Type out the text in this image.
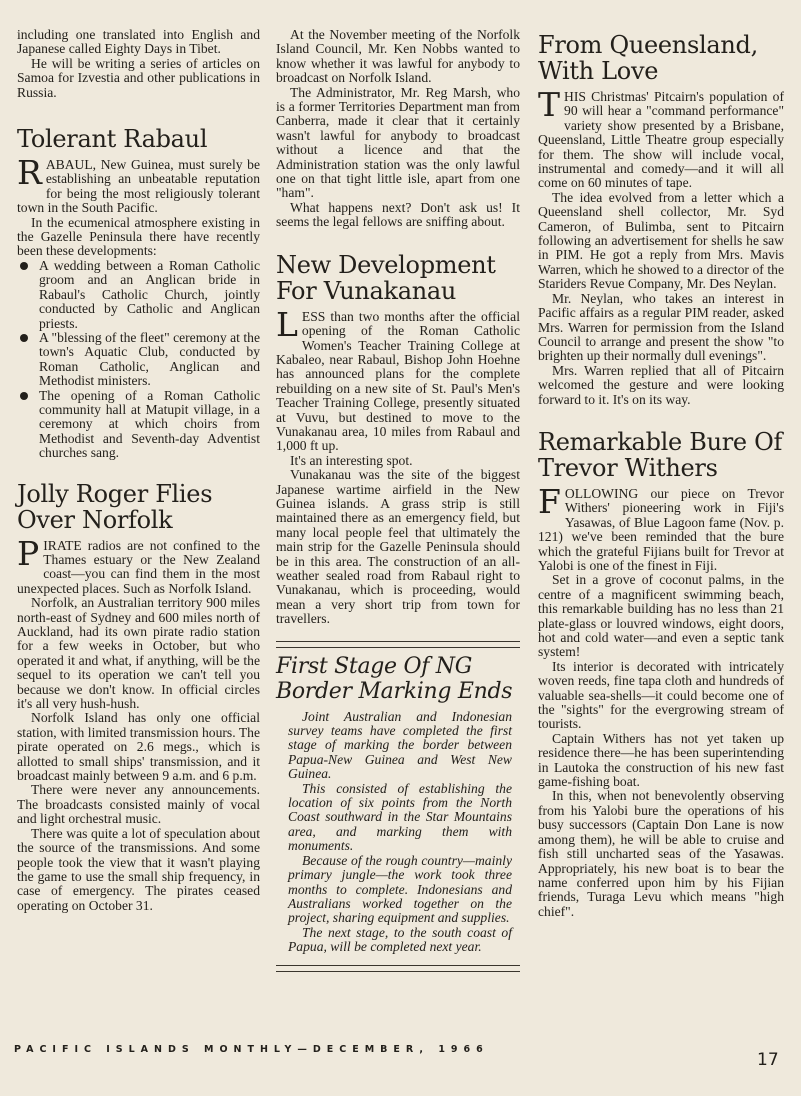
including one translated into English and Japanese called Eighty Days in Tibet.

He will be writing a series of articles on Samoa for Izvestia and other publications in Russia.

Tolerant Rabaul

RABAUL, New Guinea, must surely be establishing an unbeatable reputation for being the most religiously tolerant town in the South Pacific.

In the ecumenical atmosphere existing in the Gazelle Peninsula there have recently been these developments:

A wedding between a Roman Catholic groom and an Anglican bride in Rabaul's Catholic Church, jointly conducted by Catholic and Anglican priests.
A "blessing of the fleet" ceremony at the town's Aquatic Club, conducted by Roman Catholic, Anglican and Methodist ministers.
The opening of a Roman Catholic community hall at Matupit village, in a ceremony at which choirs from Methodist and Seventh-day Adventist churches sang.
Jolly Roger Flies Over Norfolk

PIRATE radios are not confined to the Thames estuary or the New Zealand coast—you can find them in the most unexpected places. Such as Norfolk Island.

Norfolk, an Australian territory 900 miles north-east of Sydney and 600 miles north of Auckland, had its own pirate radio station for a few weeks in October, but who operated it and what, if anything, will be the sequel to its operation we can't tell you because we don't know. In official circles it's all very hush-hush.

Norfolk Island has only one official station, with limited transmission hours. The pirate operated on 2.6 megs., which is allotted to small ships' transmission, and it broadcast mainly between 9 a.m. and 6 p.m.

There were never any announcements. The broadcasts consisted mainly of vocal and light orchestral music.

There was quite a lot of speculation about the source of the transmissions. And some people took the view that it wasn't playing the game to use the small ship frequency, in case of emergency. The pirates ceased operating on October 31.

At the November meeting of the Norfolk Island Council, Mr. Ken Nobbs wanted to know whether it was lawful for anybody to broadcast on Norfolk Island.

The Administrator, Mr. Reg Marsh, who is a former Territories Department man from Canberra, made it clear that it certainly wasn't lawful for anybody to broadcast without a licence and that the Administration station was the only lawful one on that tight little isle, apart from one "ham".

What happens next? Don't ask us! It seems the legal fellows are sniffing about.

New Development For Vunakanau

LESS than two months after the official opening of the Roman Catholic Women's Teacher Training College at Kabaleo, near Rabaul, Bishop John Hoehne has announced plans for the complete rebuilding on a new site of St. Paul's Men's Teacher Training College, presently situated at Vuvu, but destined to move to the Vunakanau area, 10 miles from Rabaul and 1,000 ft up.

It's an interesting spot.

Vunakanau was the site of the biggest Japanese wartime airfield in the New Guinea islands. A grass strip is still maintained there as an emergency field, but many local people feel that ultimately the main strip for the Gazelle Peninsula should be in this area. The construction of an all-weather sealed road from Rabaul right to Vunakanau, which is proceeding, would mean a very short trip from town for travellers.

First Stage Of NG Border Marking Ends

Joint Australian and Indonesian survey teams have completed the first stage of marking the border between Papua-New Guinea and West New Guinea.

This consisted of establishing the location of six points from the North Coast southward in the Star Mountains area, and marking them with monuments.

Because of the rough country—mainly primary jungle—the work took three months to complete. Indonesians and Australians worked together on the project, sharing equipment and supplies.

The next stage, to the south coast of Papua, will be completed next year.

From Queensland, With Love

THIS Christmas' Pitcairn's population of 90 will hear a "command performance" variety show presented by a Brisbane, Queensland, Little Theatre group especially for them. The show will include vocal, instrumental and comedy—and it will all come on 60 minutes of tape.

The idea evolved from a letter which a Queensland shell collector, Mr. Syd Cameron, of Bulimba, sent to Pitcairn following an advertisement for shells he saw in PIM. He got a reply from Mrs. Mavis Warren, which he showed to a director of the Stariders Revue Company, Mr. Des Neylan.

Mr. Neylan, who takes an interest in Pacific affairs as a regular PIM reader, asked Mrs. Warren for permission from the Island Council to arrange and present the show "to brighten up their normally dull evenings".

Mrs. Warren replied that all of Pitcairn welcomed the gesture and were looking forward to it. It's on its way.

Remarkable Bure Of Trevor Withers

FOLLOWING our piece on Trevor Withers' pioneering work in Fiji's Yasawas, of Blue Lagoon fame (Nov. p. 121) we've been reminded that the bure which the grateful Fijians built for Trevor at Yalobi is one of the finest in Fiji.

Set in a grove of coconut palms, in the centre of a magnificent swimming beach, this remarkable building has no less than 21 plate-glass or louvred windows, eight doors, hot and cold water—and even a septic tank system!

Its interior is decorated with intricately woven reeds, fine tapa cloth and hundreds of valuable sea-shells—it could become one of the "sights" for the evergrowing stream of tourists.

Captain Withers has not yet taken up residence there—he has been superintending in Lautoka the construction of his new fast game-fishing boat.

In this, when not benevolently observing from his Yalobi bure the operations of his busy successors (Captain Don Lane is now among them), he will be able to cruise and fish still uncharted seas of the Yasawas. Appropriately, his new boat is to bear the name conferred upon him by his Fijian friends, Turaga Levu which means "high chief".

PACIFIC ISLANDS MONTHLY—DECEMBER, 1966
17
